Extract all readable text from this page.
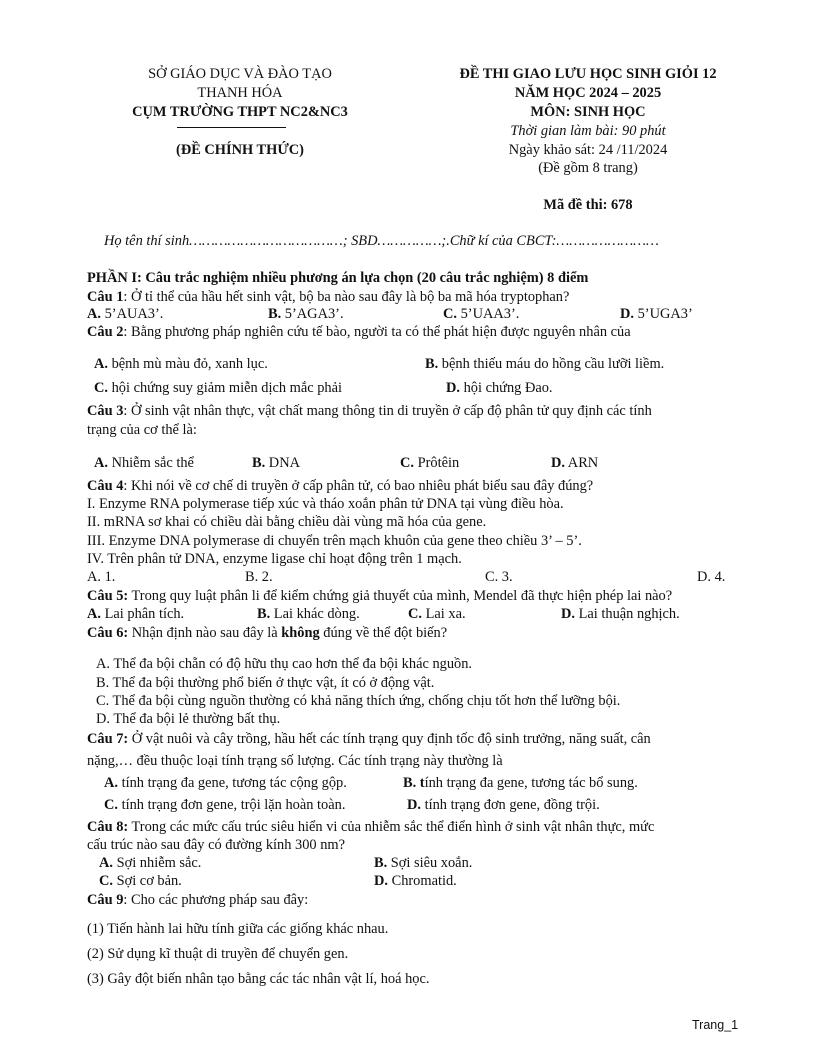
SỞ GIÁO DỤC VÀ ĐÀO TẠO
THANH HÓA
CỤM TRƯỜNG THPT NC2&NC3
(ĐỀ CHÍNH THỨC)
ĐỀ THI GIAO LƯU HỌC SINH GIỎI 12
NĂM HỌC 2024 – 2025
MÔN: SINH HỌC
Thời gian làm bài: 90 phút
Ngày khảo sát: 24 /11/2024
(Đề gồm 8 trang)
Mã đề thi: 678
Họ tên thí sinh………………………………; SBD……………;.Chữ kí của CBCT:……………………
PHẦN I: Câu trắc nghiệm nhiều phương án lựa chọn (20 câu trắc nghiệm) 8 điểm
Câu 1: Ở tỉ thể của hầu hết sinh vật, bộ ba nào sau đây là bộ ba mã hóa tryptophan?
A. 5’AUA3’.	B. 5’AGA3’.	C. 5’UAA3’.	D. 5’UGA3’
Câu 2: Bằng phương pháp nghiên cứu tế bào, người ta có thể phát hiện được nguyên nhân của
A. bệnh mù màu đỏ, xanh lục.	B. bệnh thiếu máu do hồng cầu lưỡi liềm.
C. hội chứng suy giảm miễn dịch mắc phải	D. hội chứng Đao.
Câu 3: Ở sinh vật nhân thực, vật chất mang thông tin di truyền ở cấp độ phân tử quy định các tính
trạng của cơ thể là:
A. Nhiễm sắc thể	B. DNA	C. Prôtêin	D. ARN
Câu 4: Khi nói về cơ chế di truyền ở cấp phân tử, có bao nhiêu phát biểu sau đây đúng?
I. Enzyme RNA polymerase tiếp xúc và tháo xoắn phân tử DNA tại vùng điều hòa.
II. mRNA sơ khai có chiều dài bằng chiều dài vùng mã hóa của gene.
III. Enzyme DNA polymerase di chuyển trên mạch khuôn của gene theo chiều 3’ – 5’.
IV. Trên phân tử DNA, enzyme ligase chỉ hoạt động trên 1 mạch.
A. 1.	B. 2.	C. 3.	D. 4.
Câu 5: Trong quy luật phân li để kiểm chứng giả thuyết của mình, Mendel đã thực hiện phép lai nào?
A. Lai phân tích.	B. Lai khác dòng.	C. Lai xa.	D. Lai thuận nghịch.
Câu 6: Nhận định nào sau đây là không đúng về thể đột biến?
A. Thể đa bội chẵn có độ hữu thụ cao hơn thể đa bội khác nguồn.
B. Thể đa bội thường phổ biến ở thực vật, ít có ở động vật.
C. Thể đa bội cùng nguồn thường có khả năng thích ứng, chống chịu tốt hơn thể lưỡng bội.
D. Thể đa bội lẻ thường bất thụ.
Câu 7: Ở vật nuôi và cây trồng, hầu hết các tính trạng quy định tốc độ sinh trưởng, năng suất, cân
nặng,… đều thuộc loại tính trạng số lượng. Các tính trạng này thường là
A. tính trạng đa gene, tương tác cộng gộp.	B. tính trạng đa gene, tương tác bổ sung.
C. tính trạng đơn gene, trội lặn hoàn toàn.	D. tính trạng đơn gene, đồng trội.
Câu 8: Trong các mức cấu trúc siêu hiển vi của nhiễm sắc thể điển hình ở sinh vật nhân thực, mức
cấu trúc nào sau đây có đường kính 300 nm?
A. Sợi nhiễm sắc.	B. Sợi siêu xoắn.
C. Sợi cơ bản.	D. Chromatid.
Câu 9: Cho các phương pháp sau đây:
(1) Tiến hành lai hữu tính giữa các giống khác nhau.
(2) Sử dụng kĩ thuật di truyền để chuyển gen.
(3) Gây đột biến nhân tạo bằng các tác nhân vật lí, hoá học.
Trang_1
